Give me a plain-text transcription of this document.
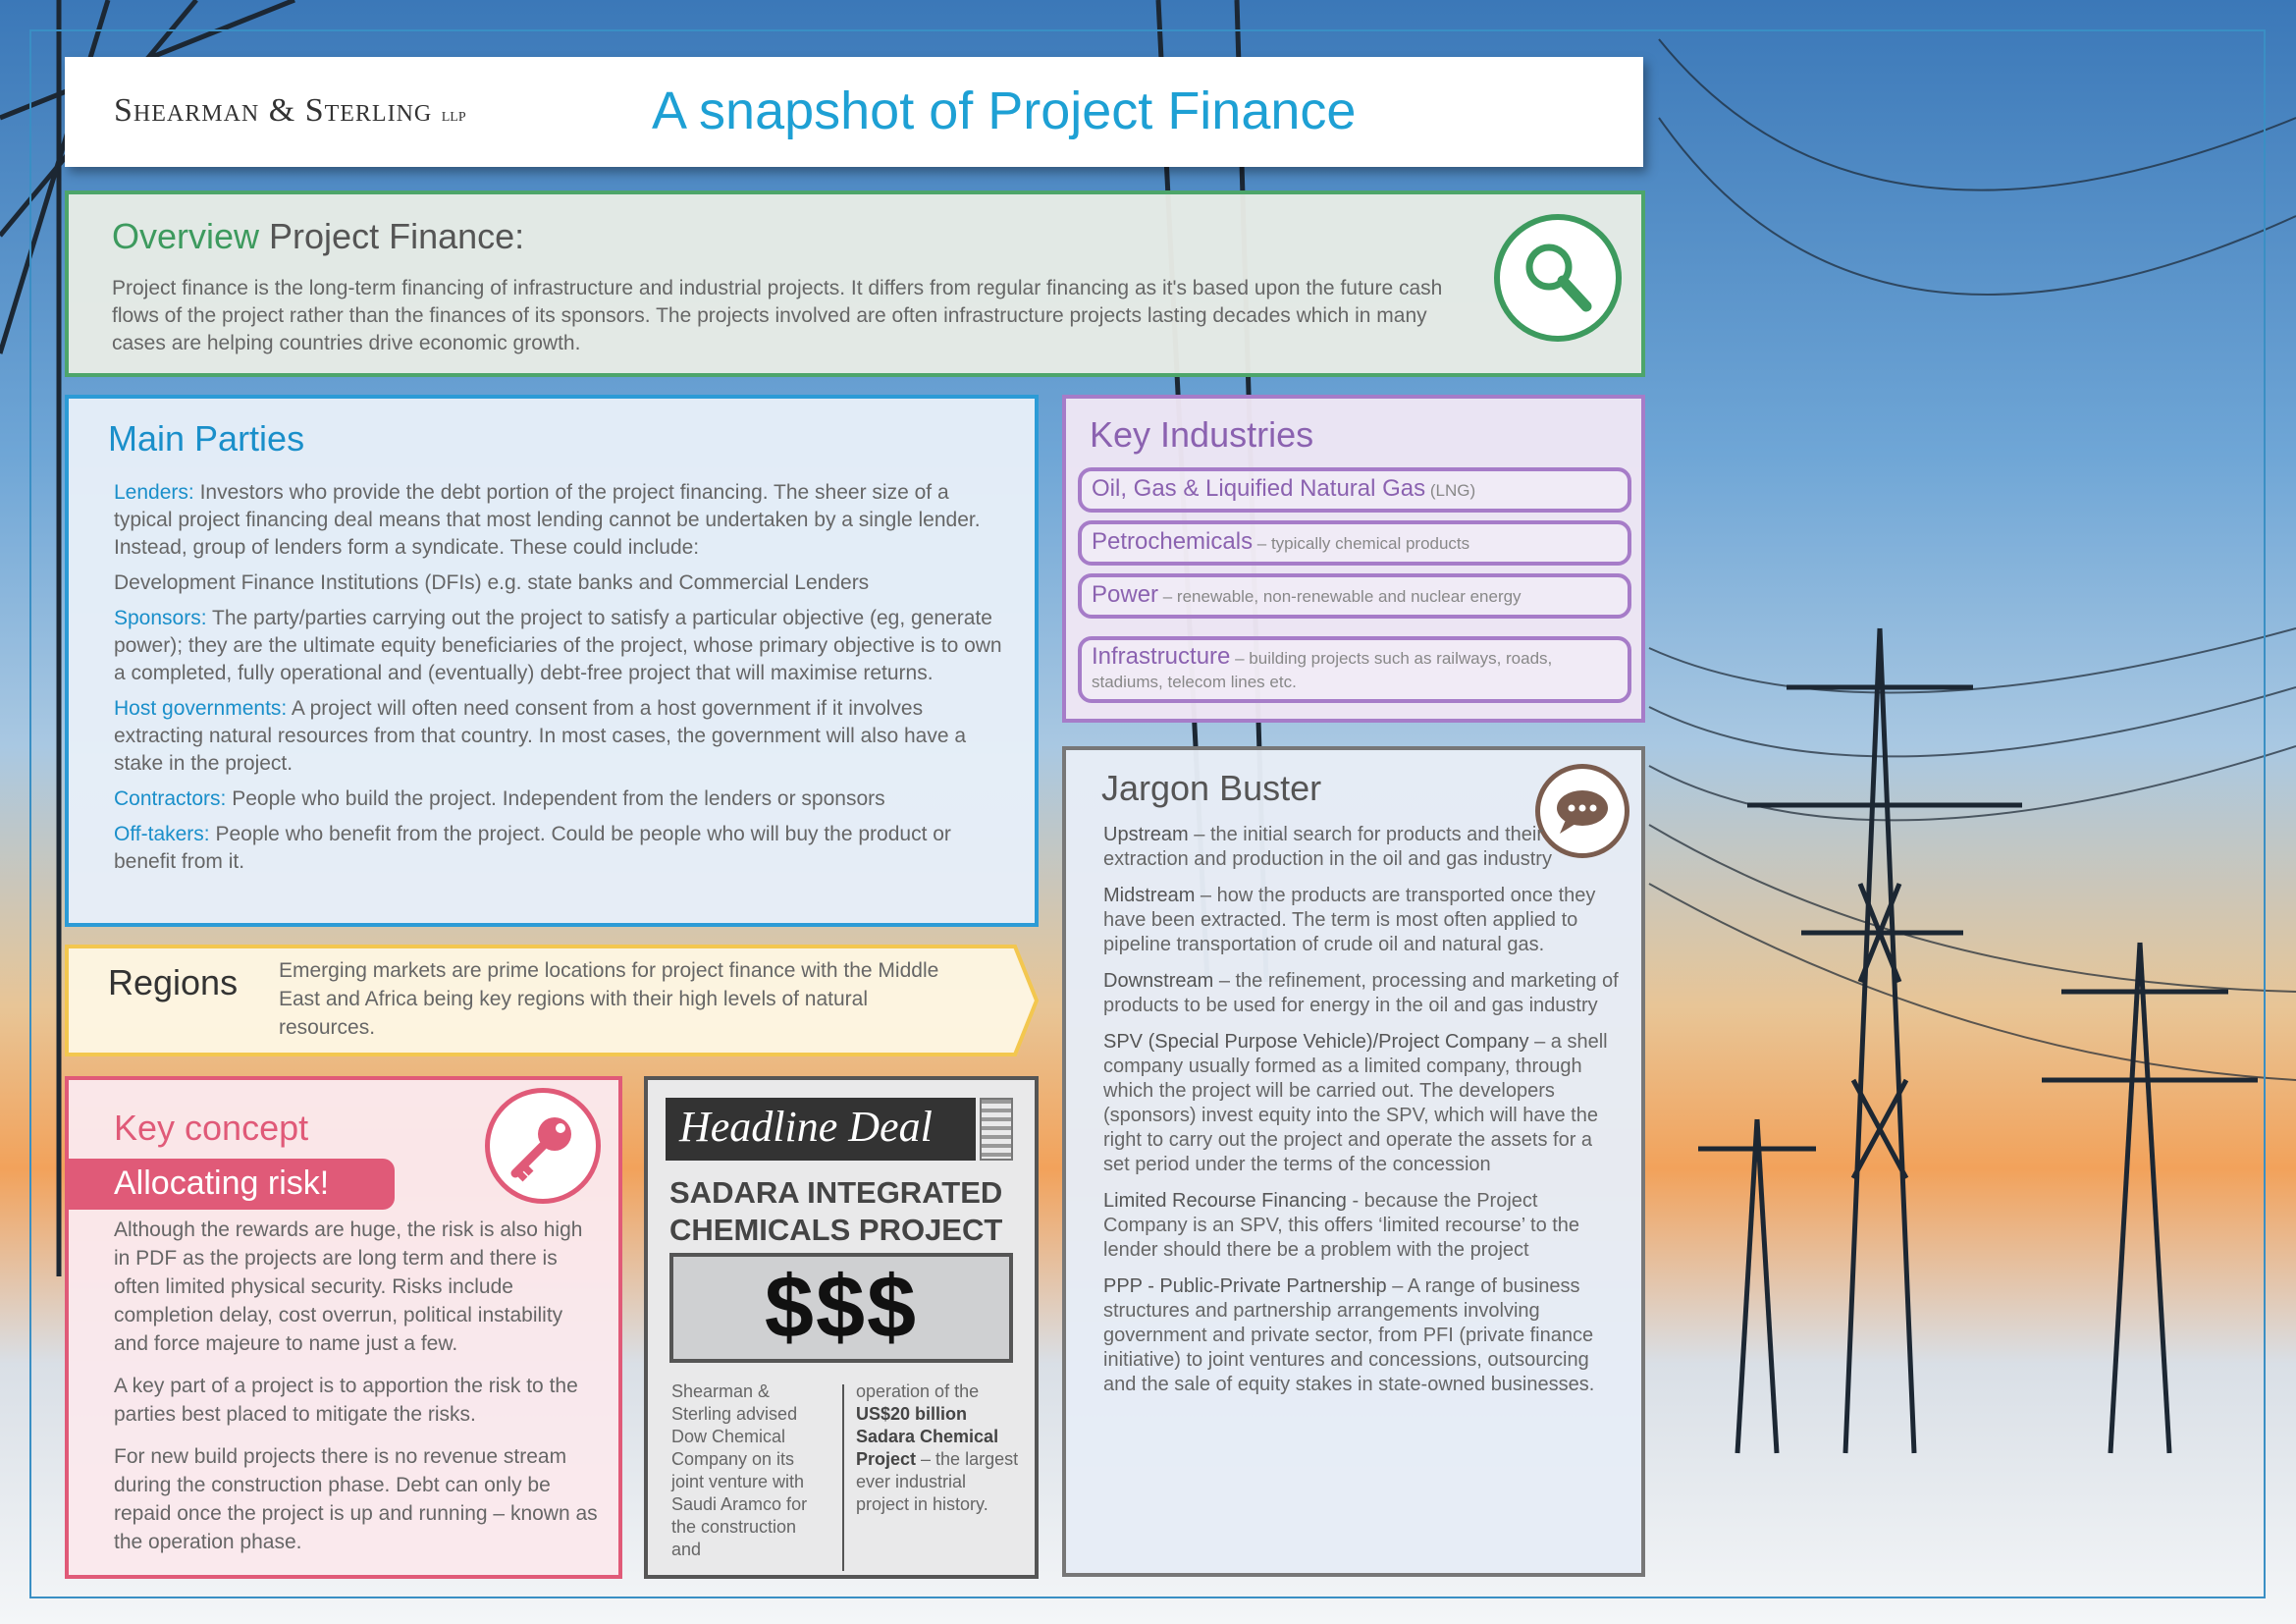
Shearman & Sterling LLP	A snapshot of Project Finance
Overview Project Finance:
Project finance is the long-term financing of infrastructure and industrial projects. It differs from regular financing as it's based upon the future cash flows of the project rather than the finances of its sponsors. The projects involved are often infrastructure projects lasting decades which in many cases are helping countries drive economic growth.
Main Parties

Lenders: Investors who provide the debt portion of the project financing. The sheer size of a typical project financing deal means that most lending cannot be undertaken by a single lender. Instead, group of lenders form a syndicate. These could include:

Development Finance Institutions (DFIs) e.g. state banks and Commercial Lenders

Sponsors: The party/parties carrying out the project to satisfy a particular objective (eg, generate power); they are the ultimate equity beneficiaries of the project, whose primary objective is to own a completed, fully operational and (eventually) debt-free project that will maximise returns.

Host governments: A project will often need consent from a host government if it involves extracting natural resources from that country. In most cases, the government will also have a stake in the project.

Contractors: People who build the project. Independent from the lenders or sponsors

Off-takers: People who benefit from the project. Could be people who will buy the product or benefit from it.

Key Industries
Oil, Gas & Liquified Natural Gas (LNG)
Petrochemicals – typically chemical products
Power – renewable, non-renewable and nuclear energy
Infrastructure – building projects such as railways, roads, stadiums, telecom lines etc.
Jargon Buster

Upstream – the initial search for products and their extraction and production in the oil and gas industry

Midstream – how the products are transported once they have been extracted. The term is most often applied to pipeline transportation of crude oil and natural gas.

Downstream – the refinement, processing and marketing of products to be used for energy in the oil and gas industry

SPV (Special Purpose Vehicle)/Project Company – a shell company usually formed as a limited company, through which the project will be carried out. The developers (sponsors) invest equity into the SPV, which will have the right to carry out the project and operate the assets for a set period under the terms of the concession

Limited Recourse Financing - because the Project Company is an SPV, this offers ‘limited recourse’ to the lender should there be a problem with the project

PPP - Public-Private Partnership – A range of business structures and partnership arrangements involving government and private sector, from PFI (private finance initiative) to joint ventures and concessions, outsourcing and the sale of equity stakes in state-owned businesses.

Regions Emerging markets are prime locations for project finance with the Middle East and Africa being key regions with their high levels of natural resources.
Key concept
Allocating risk!

Although the rewards are huge, the risk is also high in PDF as the projects are long term and there is often limited physical security. Risks include completion delay, cost overrun, political instability and force majeure to name just a few.

A key part of a project is to apportion the risk to the parties best placed to mitigate the risks.

For new build projects there is no revenue stream during the construction phase. Debt can only be repaid once the project is up and running – known as the operation phase.

Headline Deal
SADARA INTEGRATED CHEMICALS PROJECT
$$$
Shearman & Sterling advised Dow Chemical Company on its joint venture with Saudi Aramco for the construction and
operation of the US$20 billion Sadara Chemical Project – the largest ever industrial project in history.
